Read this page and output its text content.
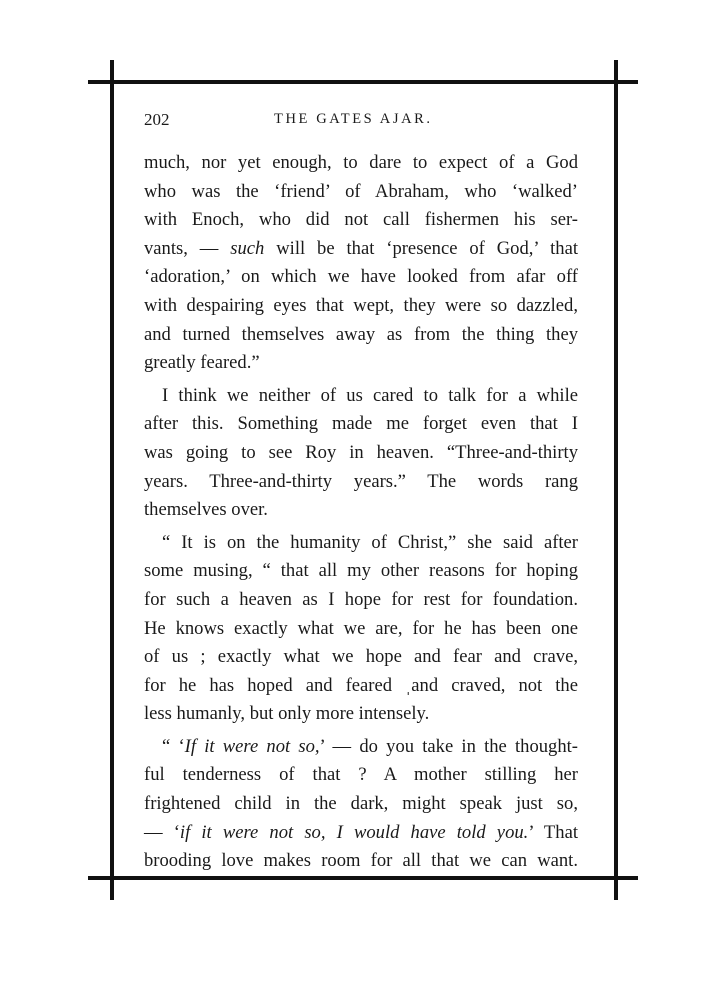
202	THE GATES AJAR.
much, nor yet enough, to dare to expect of a God
who was the ‘friend’ of Abraham, who ‘walked’
with Enoch, who did not call fishermen his ser-
vants, — such will be that ‘presence of God,’ that
‘adoration,’ on which we have looked from afar off
with despairing eyes that wept, they were so dazzled,
and turned themselves away as from the thing they
greatly feared.”
I think we neither of us cared to talk for a while
after this. Something made me forget even that I
was going to see Roy in heaven. “Three-and-thirty
years. Three-and-thirty years.” The words rang
themselves over.
“ It is on the humanity of Christ,” she said after
some musing, “ that all my other reasons for hoping
for such a heaven as I hope for rest for foundation.
He knows exactly what we are, for he has been one
of us ; exactly what we hope and fear and crave,
for he has hoped and feared ˌand craved, not the
less humanly, but only more intensely.
“ ‘If it were not so,’ — do you take in the thought-
ful tenderness of that ? A mother stilling her
frightened child in the dark, might speak just so,
— ‘if it were not so, I would have told you.’ That
brooding love makes room for all that we can want.
